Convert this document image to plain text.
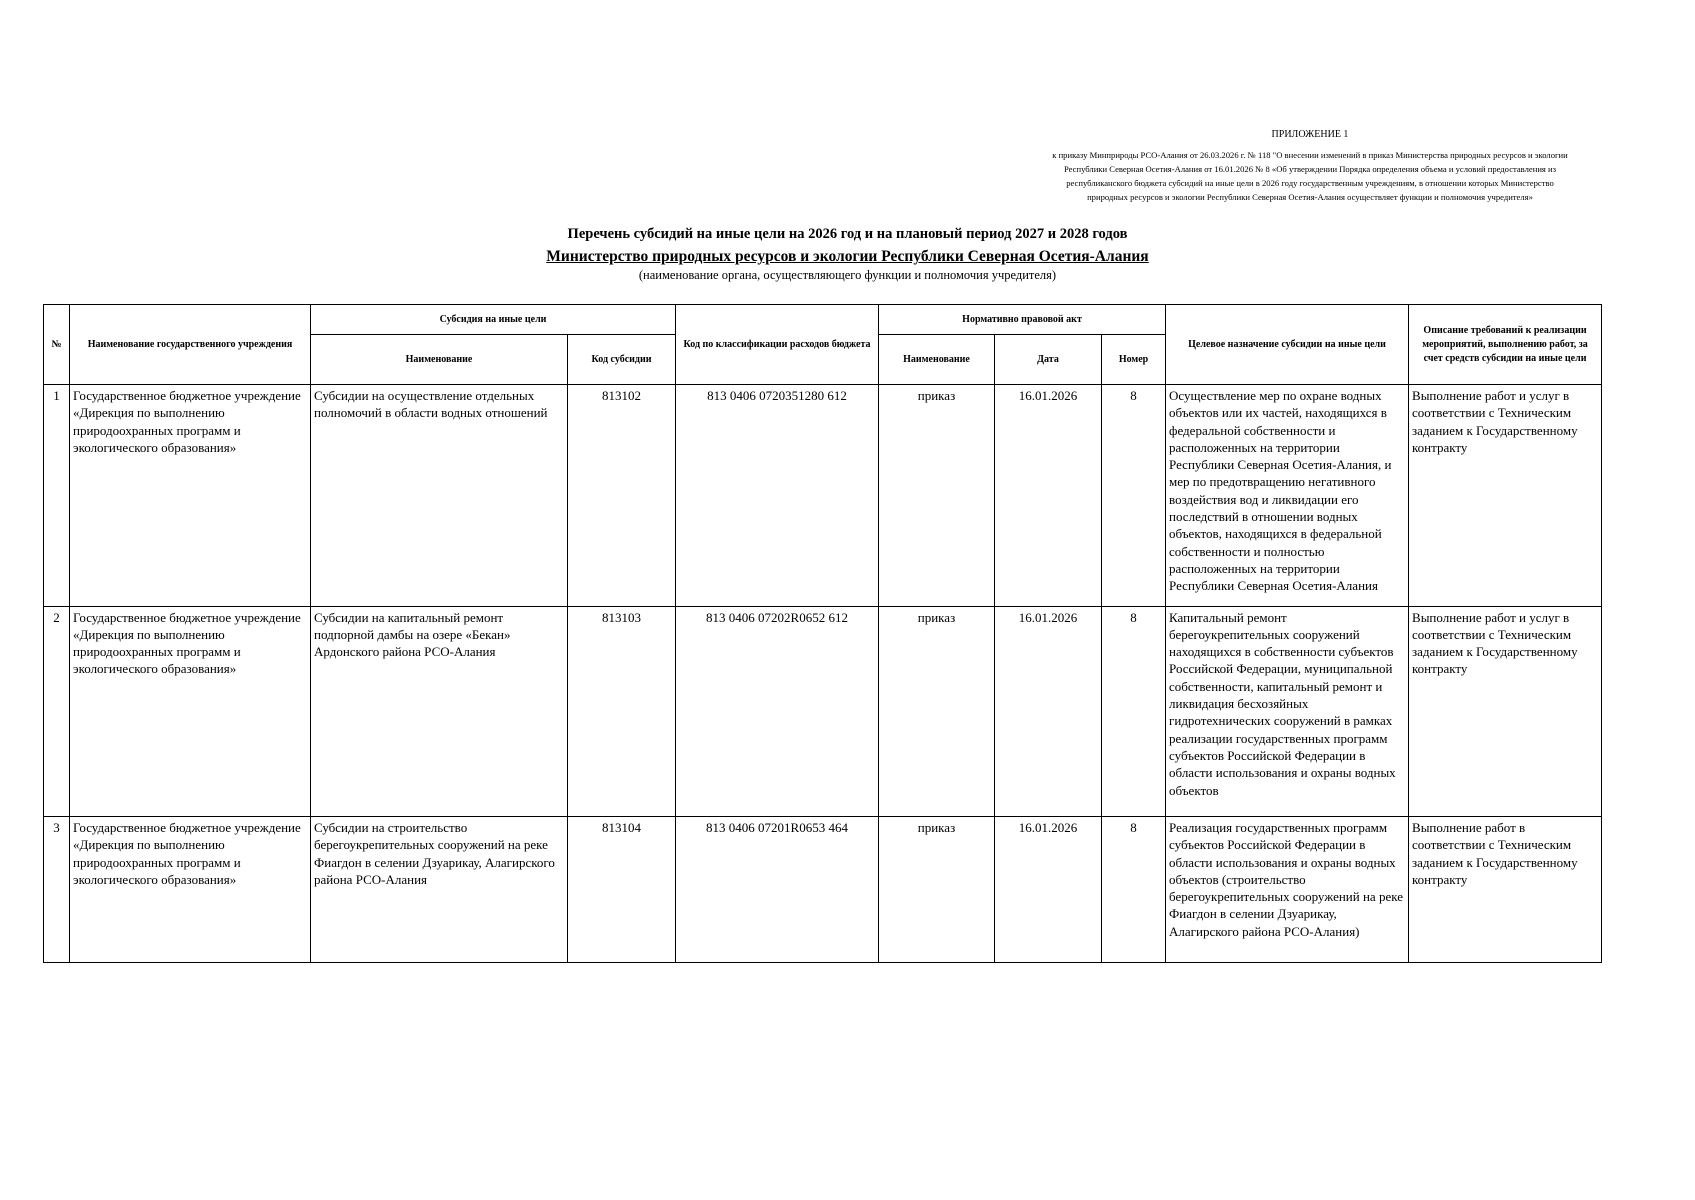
ПРИЛОЖЕНИЕ 1
к приказу Минприроды РСО-Алания от 26.03.2026 г. № 118 "О внесении изменений в приказ Министерства природных ресурсов и экологии
Республики Северная Осетия-Алания от 16.01.2026 № 8 «Об утверждении Порядка определения объема и условий предоставления из
республиканского бюджета субсидий на иные цели в 2026 году государственным учреждениям, в отношении которых Министерство
природных ресурсов и экологии Республики Северная Осетия-Алания осуществляет функции и полномочия учредителя»
Перечень субсидий на иные цели на 2026 год и на плановый период 2027 и 2028 годов
Министерство природных ресурсов и экологии Республики Северная Осетия-Алания
(наименование органа, осуществляющего функции и полномочия учредителя)
№	Наименование государственного учреждения	Субсидия на иные цели		Код по классификации расходов бюджета	Нормативно правовой акт			Целевое назначение субсидии на иные цели	Описание требований к реализации мероприятий, выполнению работ, за счет средств субсидии на иные цели
		Наименование	Код субсидии		Наименование	Дата	Номер		
1	Государственное бюджетное учреждение «Дирекция по выполнению природоохранных программ и экологического образования»	Субсидии на осуществление отдельных полномочий в области водных отношений	813102	813 0406 0720351280 612	приказ	16.01.2026	8	Осуществление мер по охране водных объектов или их частей, находящихся в федеральной собственности и расположенных на территории Республики Северная Осетия-Алания, и мер по предотвращению негативного воздействия вод и ликвидации его последствий в отношении водных объектов, находящихся в федеральной собственности и полностью расположенных на территории Республики Северная Осетия-Алания	Выполнение работ и услуг в соответствии с Техническим заданием к Государственному контракту
2	Государственное бюджетное учреждение «Дирекция по выполнению природоохранных программ и экологического образования»	Субсидии на капитальный ремонт подпорной дамбы на озере «Бекан» Ардонского района РСО-Алания	813103	813 0406 07202R0652 612	приказ	16.01.2026	8	Капитальный ремонт берегоукрепительных сооружений находящихся в собственности субъектов Российской Федерации, муниципальной собственности, капитальный ремонт и ликвидация бесхозяйных гидротехнических сооружений в рамках реализации государственных программ субъектов Российской Федерации в области использования и охраны водных объектов	Выполнение работ и услуг в соответствии с Техническим заданием к Государственному контракту
3	Государственное бюджетное учреждение «Дирекция по выполнению природоохранных программ и экологического образования»	Субсидии на строительство берегоукрепительных сооружений на реке Фиагдон в селении Дзуарикау, Алагирского района РСО-Алания	813104	813 0406 07201R0653 464	приказ	16.01.2026	8	Реализация государственных программ субъектов Российской Федерации в области использования и охраны водных объектов (строительство берегоукрепительных сооружений на реке Фиагдон в селении Дзуарикау, Алагирского района РСО-Алания)	Выполнение работ в соответствии с Техническим заданием к Государственному контракту
